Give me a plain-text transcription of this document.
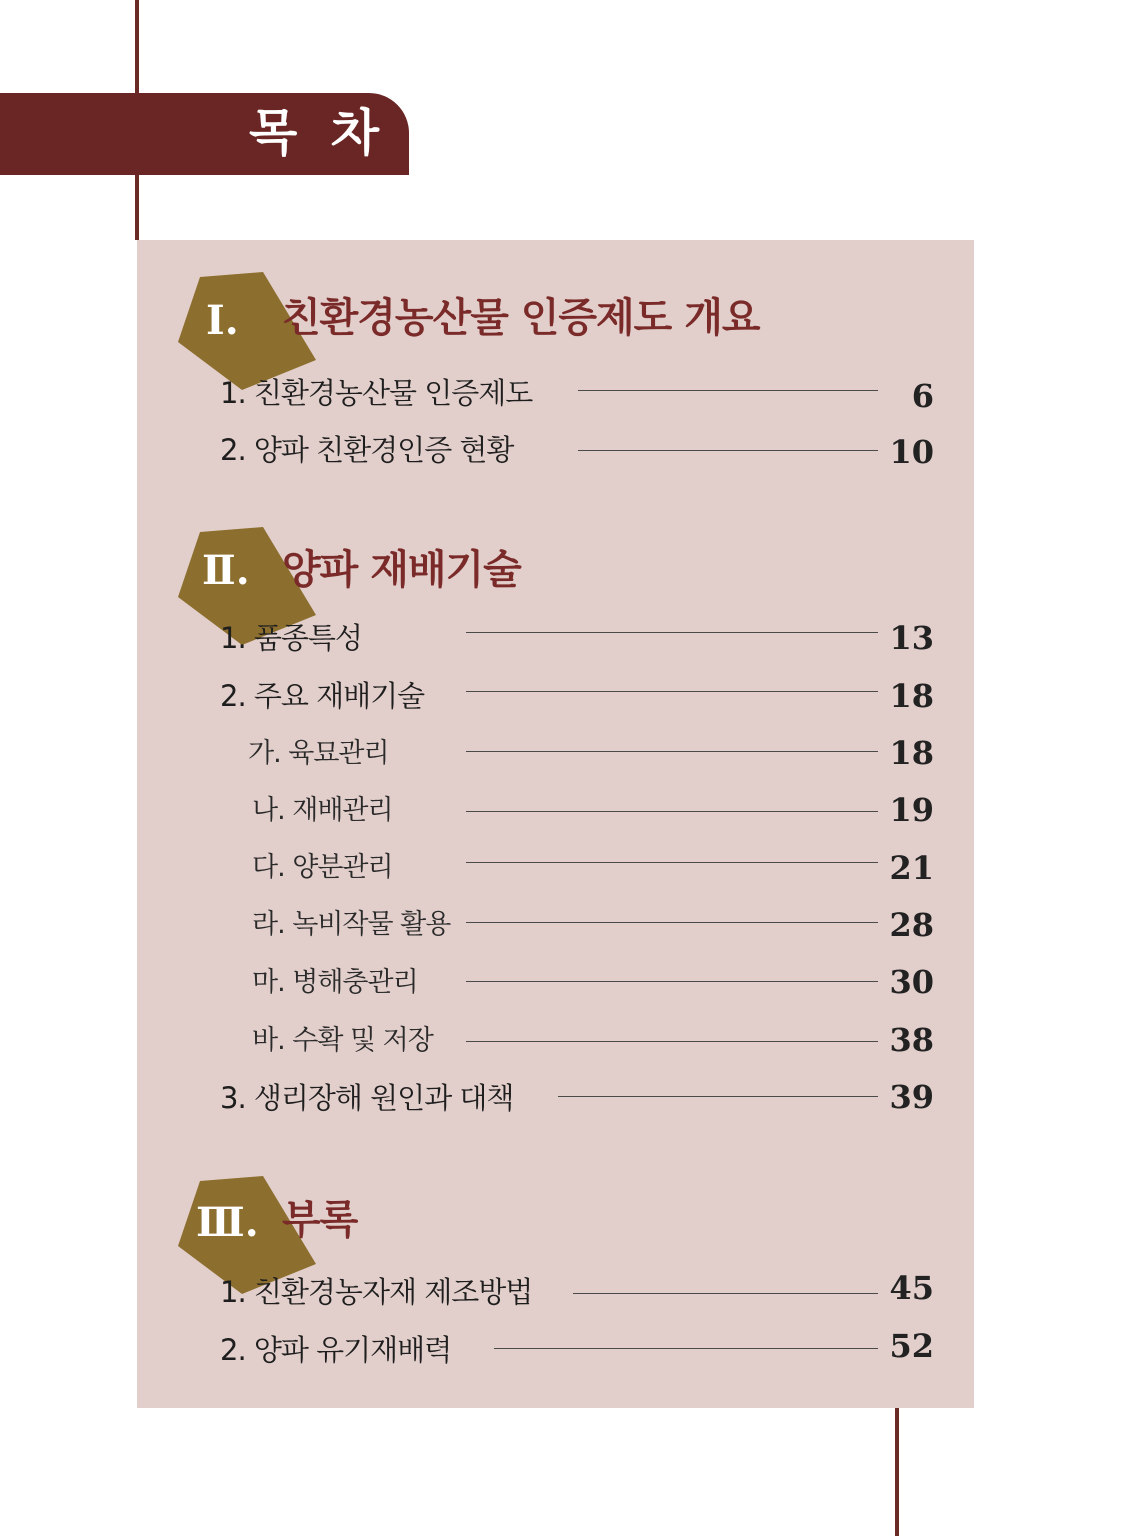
목 차
Ⅰ. 친환경농산물 인증제도 개요
1. 친환경농산물 인증제도	6
2. 양파 친환경인증 현황	10
Ⅱ. 양파 재배기술
1. 품종특성	13
2. 주요 재배기술	18
가. 육묘관리	18
나. 재배관리	19
다. 양분관리	21
라. 녹비작물 활용	28
마. 병해충관리	30
바. 수확 및 저장	38
3. 생리장해 원인과 대책	39
Ⅲ. 부록
1. 친환경농자재 제조방법	45
2. 양파 유기재배력	52
